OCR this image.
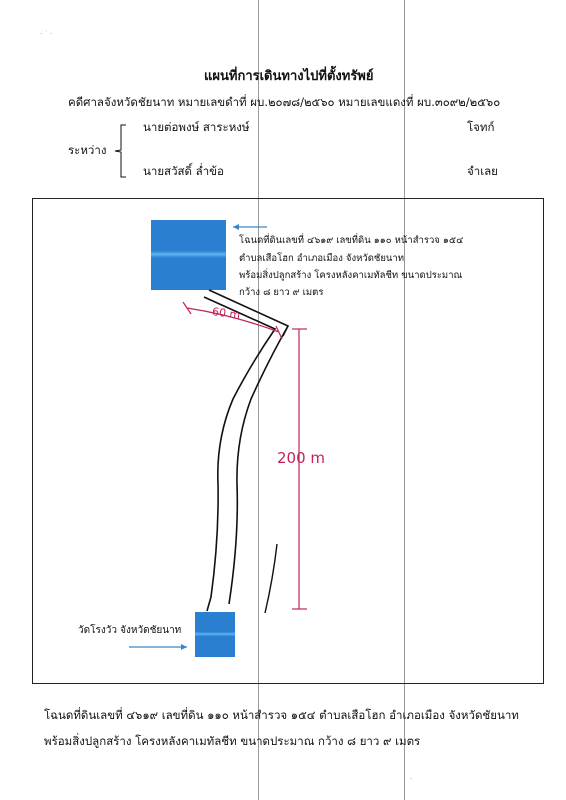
· ˙ ·
·
แผนที่การเดินทางไปที่ตั้งทรัพย์
คดีศาลจังหวัดชัยนาท หมายเลขดำที่ ผบ.๒๐๗๘/๒๕๖๐ หมายเลขแดงที่ ผบ.๓๐๙๒/๒๕๖๐
ระหว่าง
นายต่อพงษ์ สาระหงษ์	โจทก์
นายสวัสดิ์ ล่ำข้อ	จำเลย
60 m
200 m
โฉนดที่ดินเลขที่ ๔๖๑๙ เลขที่ดิน ๑๑๐ หน้าสำรวจ ๑๕๔
ตำบลเสือโฮก อำเภอเมือง จังหวัดชัยนาท
พร้อมสิ่งปลูกสร้าง โครงหลังคาเมทัลชีท ขนาดประมาณ
กว้าง ๘ ยาว ๙ เมตร
วัดโรงวัว จังหวัดชัยนาท
โฉนดที่ดินเลขที่ ๔๖๑๙ เลขที่ดิน ๑๑๐ หน้าสำรวจ ๑๕๔ ตำบลเสือโฮก อำเภอเมือง จังหวัดชัยนาท
พร้อมสิ่งปลูกสร้าง โครงหลังคาเมทัลชีท ขนาดประมาณ กว้าง ๘ ยาว ๙ เมตร
